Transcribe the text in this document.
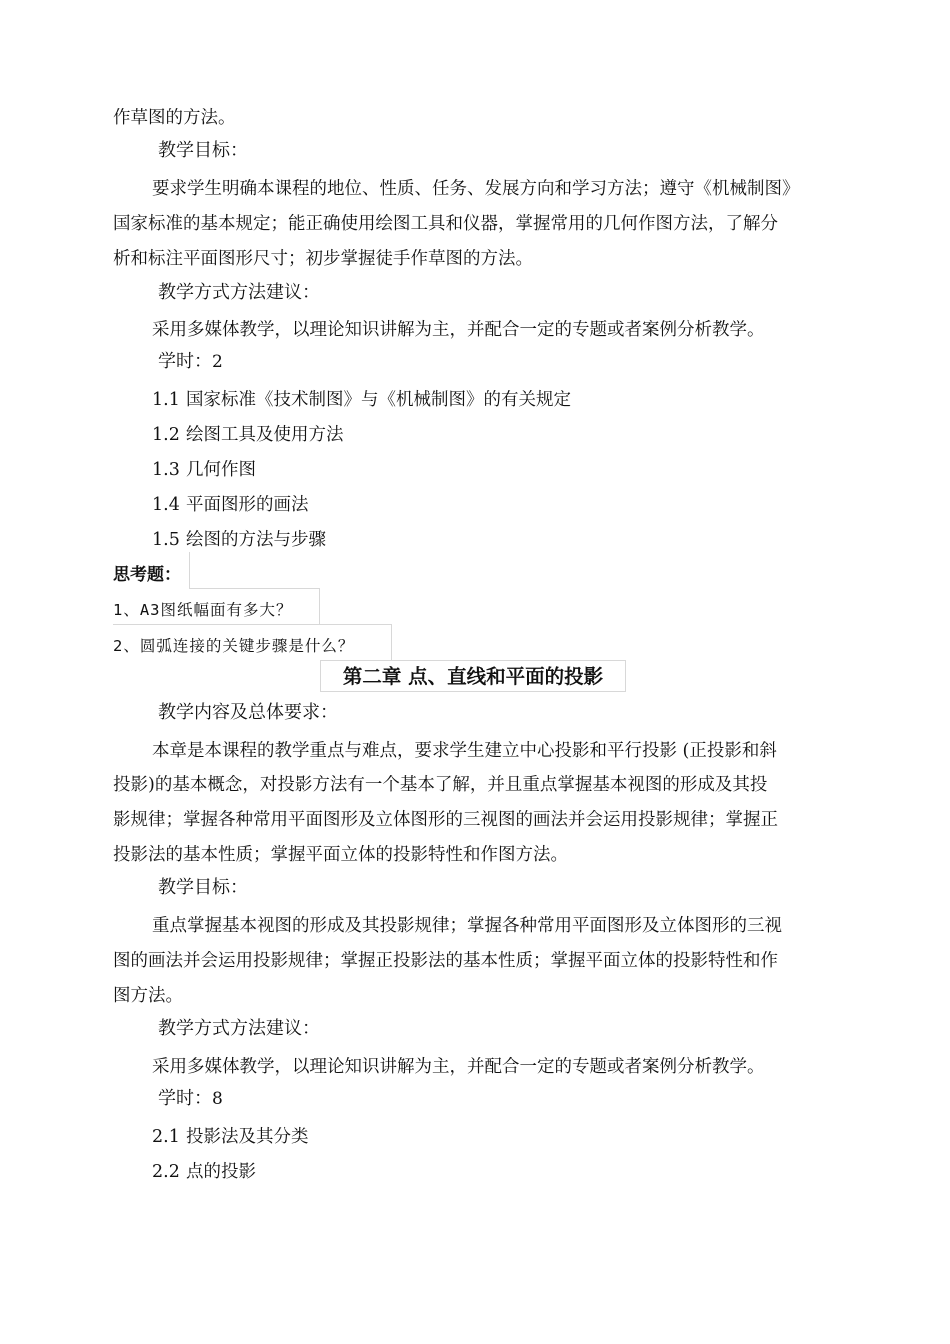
作草图的方法。
教学目标：
要求学生明确本课程的地位、性质、任务、发展方向和学习方法；遵守《机械制图》
国家标准的基本规定；能正确使用绘图工具和仪器，掌握常用的几何作图方法，了解分
析和标注平面图形尺寸；初步掌握徒手作草图的方法。
教学方式方法建议：
采用多媒体教学，以理论知识讲解为主，并配合一定的专题或者案例分析教学。
学时：2
1.1 国家标准《技术制图》与《机械制图》的有关规定
1.2 绘图工具及使用方法
1.3 几何作图
1.4 平面图形的画法
1.5 绘图的方法与步骤
思考题：
1、A3图纸幅面有多大？
2、圆弧连接的关键步骤是什么？
第二章 点、直线和平面的投影
教学内容及总体要求：
本章是本课程的教学重点与难点，要求学生建立中心投影和平行投影 (正投影和斜
投影)的基本概念，对投影方法有一个基本了解，并且重点掌握基本视图的形成及其投
影规律；掌握各种常用平面图形及立体图形的三视图的画法并会运用投影规律；掌握正
投影法的基本性质；掌握平面立体的投影特性和作图方法。
教学目标：
重点掌握基本视图的形成及其投影规律；掌握各种常用平面图形及立体图形的三视
图的画法并会运用投影规律；掌握正投影法的基本性质；掌握平面立体的投影特性和作
图方法。
教学方式方法建议：
采用多媒体教学，以理论知识讲解为主，并配合一定的专题或者案例分析教学。
学时：8
2.1 投影法及其分类
2.2 点的投影
